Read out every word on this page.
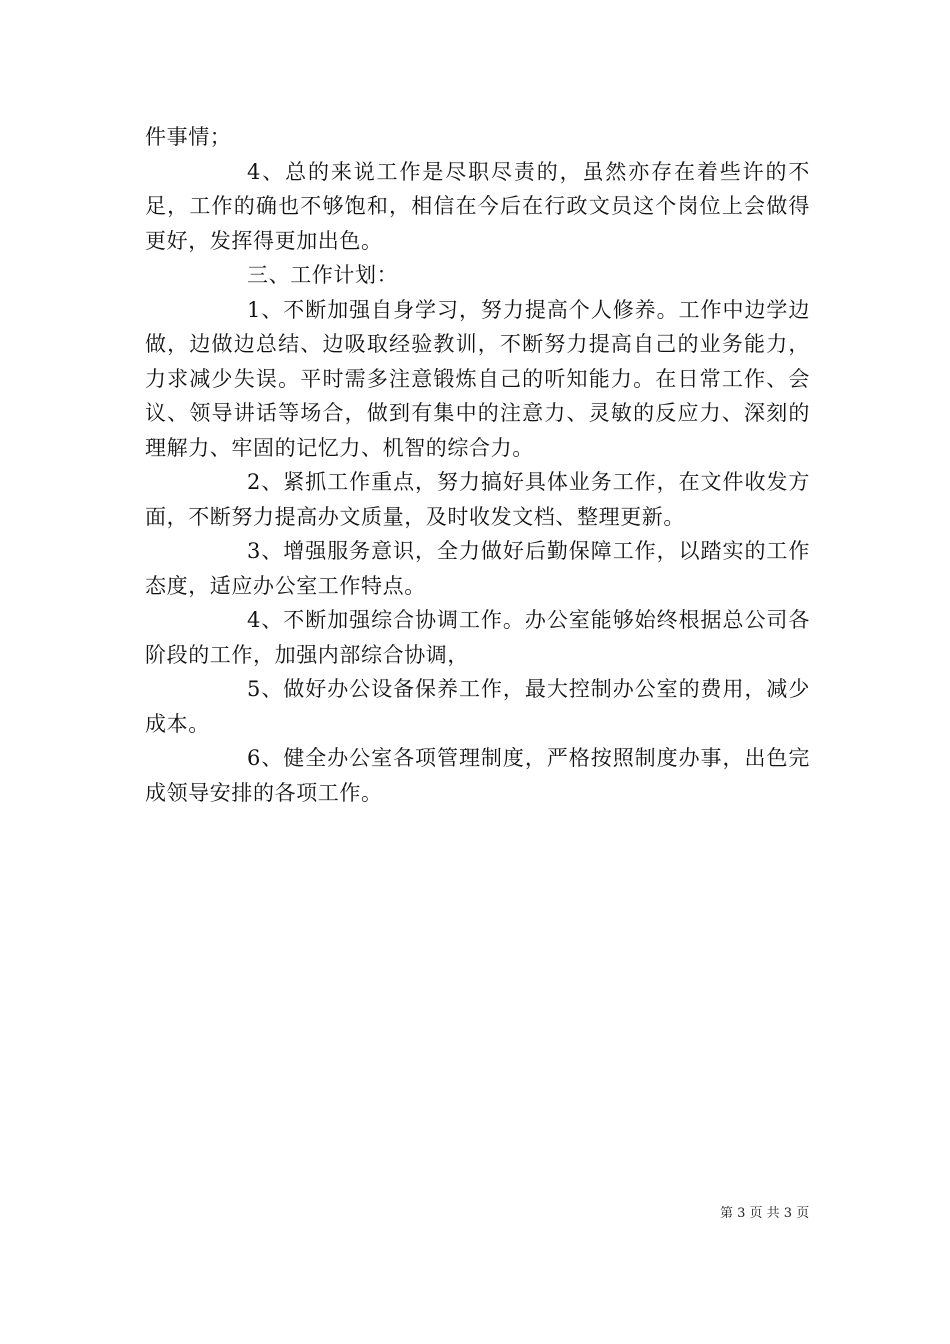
件事情；

4、总的来说工作是尽职尽责的，虽然亦存在着些许的不足，工作的确也不够饱和，相信在今后在行政文员这个岗位上会做得更好，发挥得更加出色。

三、工作计划：

1、不断加强自身学习，努力提高个人修养。工作中边学边做，边做边总结、边吸取经验教训，不断努力提高自己的业务能力，力求减少失误。平时需多注意锻炼自己的听知能力。在日常工作、会议、领导讲话等场合，做到有集中的注意力、灵敏的反应力、深刻的理解力、牢固的记忆力、机智的综合力。

2、紧抓工作重点，努力搞好具体业务工作，在文件收发方面，不断努力提高办文质量，及时收发文档、整理更新。

3、增强服务意识，全力做好后勤保障工作，以踏实的工作态度，适应办公室工作特点。

4、不断加强综合协调工作。办公室能够始终根据总公司各阶段的工作，加强内部综合协调，

5、做好办公设备保养工作，最大控制办公室的费用，减少成本。

6、健全办公室各项管理制度，严格按照制度办事，出色完成领导安排的各项工作。

第 3 页 共 3 页
